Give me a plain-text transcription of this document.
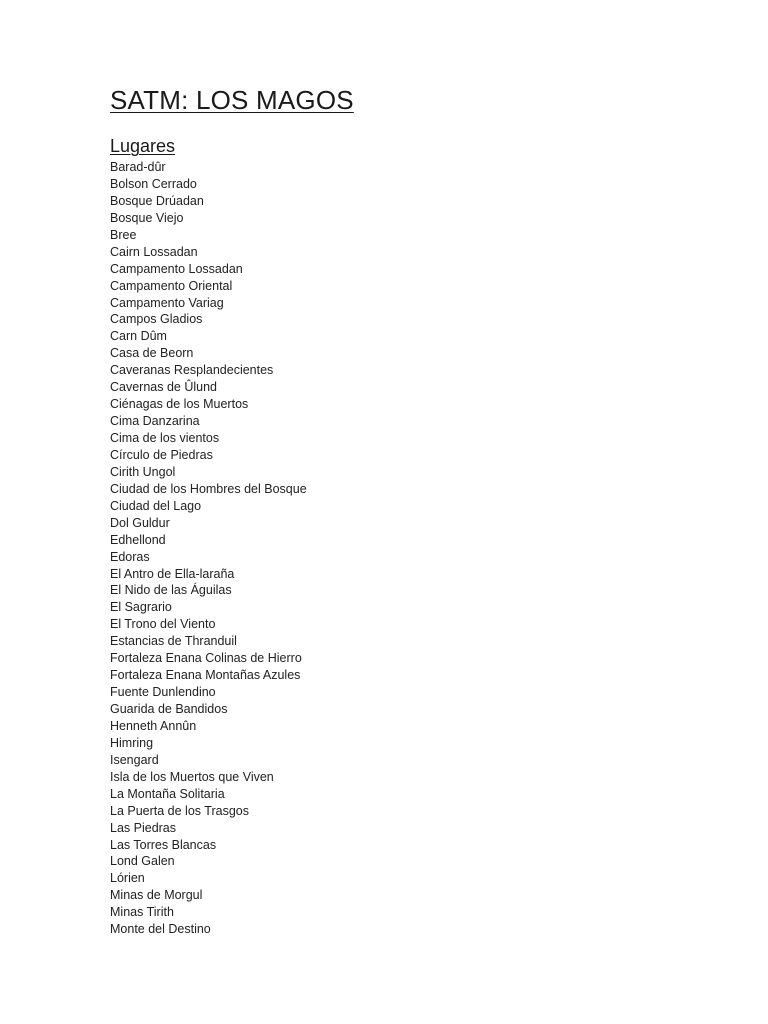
SATM: LOS MAGOS
Lugares
Barad-dûr
Bolson Cerrado
Bosque Drúadan
Bosque Viejo
Bree
Cairn Lossadan
Campamento Lossadan
Campamento Oriental
Campamento Variag
Campos Gladios
Carn Dûm
Casa de Beorn
Caveranas Resplandecientes
Cavernas de Ûlund
Ciénagas de los Muertos
Cima Danzarina
Cima de los vientos
Círculo de Piedras
Cirith Ungol
Ciudad de los Hombres del Bosque
Ciudad del Lago
Dol Guldur
Edhellond
Edoras
El Antro de Ella-laraña
El Nido de las Águilas
El Sagrario
El Trono del Viento
Estancias de Thranduil
Fortaleza Enana Colinas de Hierro
Fortaleza Enana Montañas Azules
Fuente Dunlendino
Guarida de Bandidos
Henneth Annûn
Himring
Isengard
Isla de los Muertos que Viven
La Montaña Solitaria
La Puerta de los Trasgos
Las Piedras
Las Torres Blancas
Lond Galen
Lórien
Minas de Morgul
Minas Tirith
Monte del Destino
